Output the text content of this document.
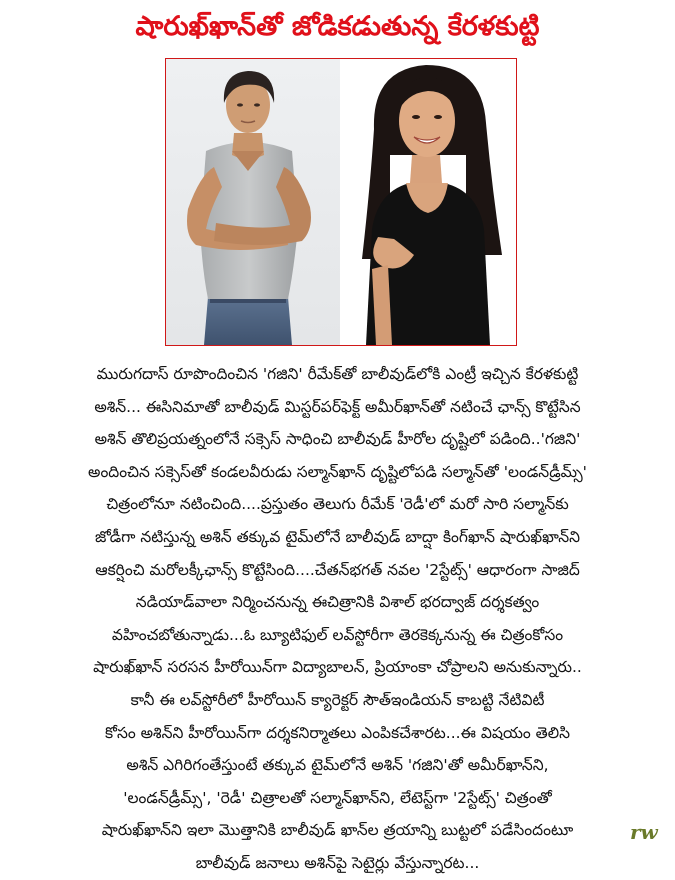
షారుఖ్‌ఖాన్‌తో జోడికడుతున్న కేరళకుట్టి
మురుగదాస్ రూపొందించిన 'గజిని' రీమేక్‌తో బాలీవుడ్‌లోకి ఎంట్రీ ఇచ్చిన కేరళకుట్టి
అశిన్... ఈసినిమాతో బాలీవుడ్ మిస్టర్‌పర్‌ఫెక్ట్ అమీర్‌ఖాన్‌తో నటించే ఛాన్స్ కొట్టేసిన
అశిన్ తొలిప్రయత్నంలోనే సక్సెస్ సాధించి బాలీవుడ్ హీరోల దృష్టిలో పడింది..'గజిని'
అందించిన సక్సెస్‌తో కండలవీరుడు సల్మాన్‌ఖాన్ దృష్టిలోపడి సల్మాన్‌తో 'లండన్‌డ్రీమ్స్'
చిత్రంలోనూ నటించింది....ప్రస్తుతం తెలుగు రీమేక్ 'రెడీ'లో మరో సారి సల్మాన్‌కు
జోడీగా నటిస్తున్న అశిన్ తక్కువ టైమ్‌లోనే బాలీవుడ్ బాద్షా కింగ్‌ఖాన్ షారుఖ్‌ఖాన్‌ని
ఆకర్షించి మరోలక్కీఛాన్స్ కొట్టేసింది....చేతన్‌భగత్ నవల '2స్టేట్స్' ఆధారంగా సాజిద్
నడియాడ్‌వాలా నిర్మించనున్న ఈచిత్రానికి విశాల్ భరద్వాజ్ దర్శకత్వం
వహించబోతున్నాడు...ఓ బ్యూటిఫుల్ లవ్‌స్టోరీగా తెరకెక్కనున్న ఈ చిత్రంకోసం
షారుఖ్‌ఖాన్ సరసన హీరోయిన్‌గా విద్యాబాలన్, ప్రియాంకా చోప్రాలని అనుకున్నారు..
కానీ ఈ లవ్‌స్టోరీలో హీరోయిన్ క్యారెక్టర్ సౌత్‌ఇండియన్ కాబట్టి నేటివిటీ
కోసం అశిన్‌ని హీరోయిన్‌గా దర్శకనిర్మాతలు ఎంపికచేశారట...ఈ విషయం తెలిసి
అశిన్ ఎగిరిగంతేస్తుంటే తక్కువ టైమ్‌లోనే అశిన్ 'గజిని'తో అమీర్‌ఖాన్‌ని,
'లండన్‌డ్రీమ్స్', 'రెడీ' చిత్రాలతో సల్మాన్‌ఖాన్‌ని, లేటెస్ట్‌గా '2స్టేట్స్' చిత్రంతో
షారుఖ్‌ఖాన్‌ని ఇలా మొత్తానికి బాలీవుడ్ ఖాన్‌ల త్రయాన్ని బుట్టలో పడేసిందంటూ
బాలీవుడ్ జనాలు అశిన్‌పై సెటైర్లు వేస్తున్నారట...
rw
